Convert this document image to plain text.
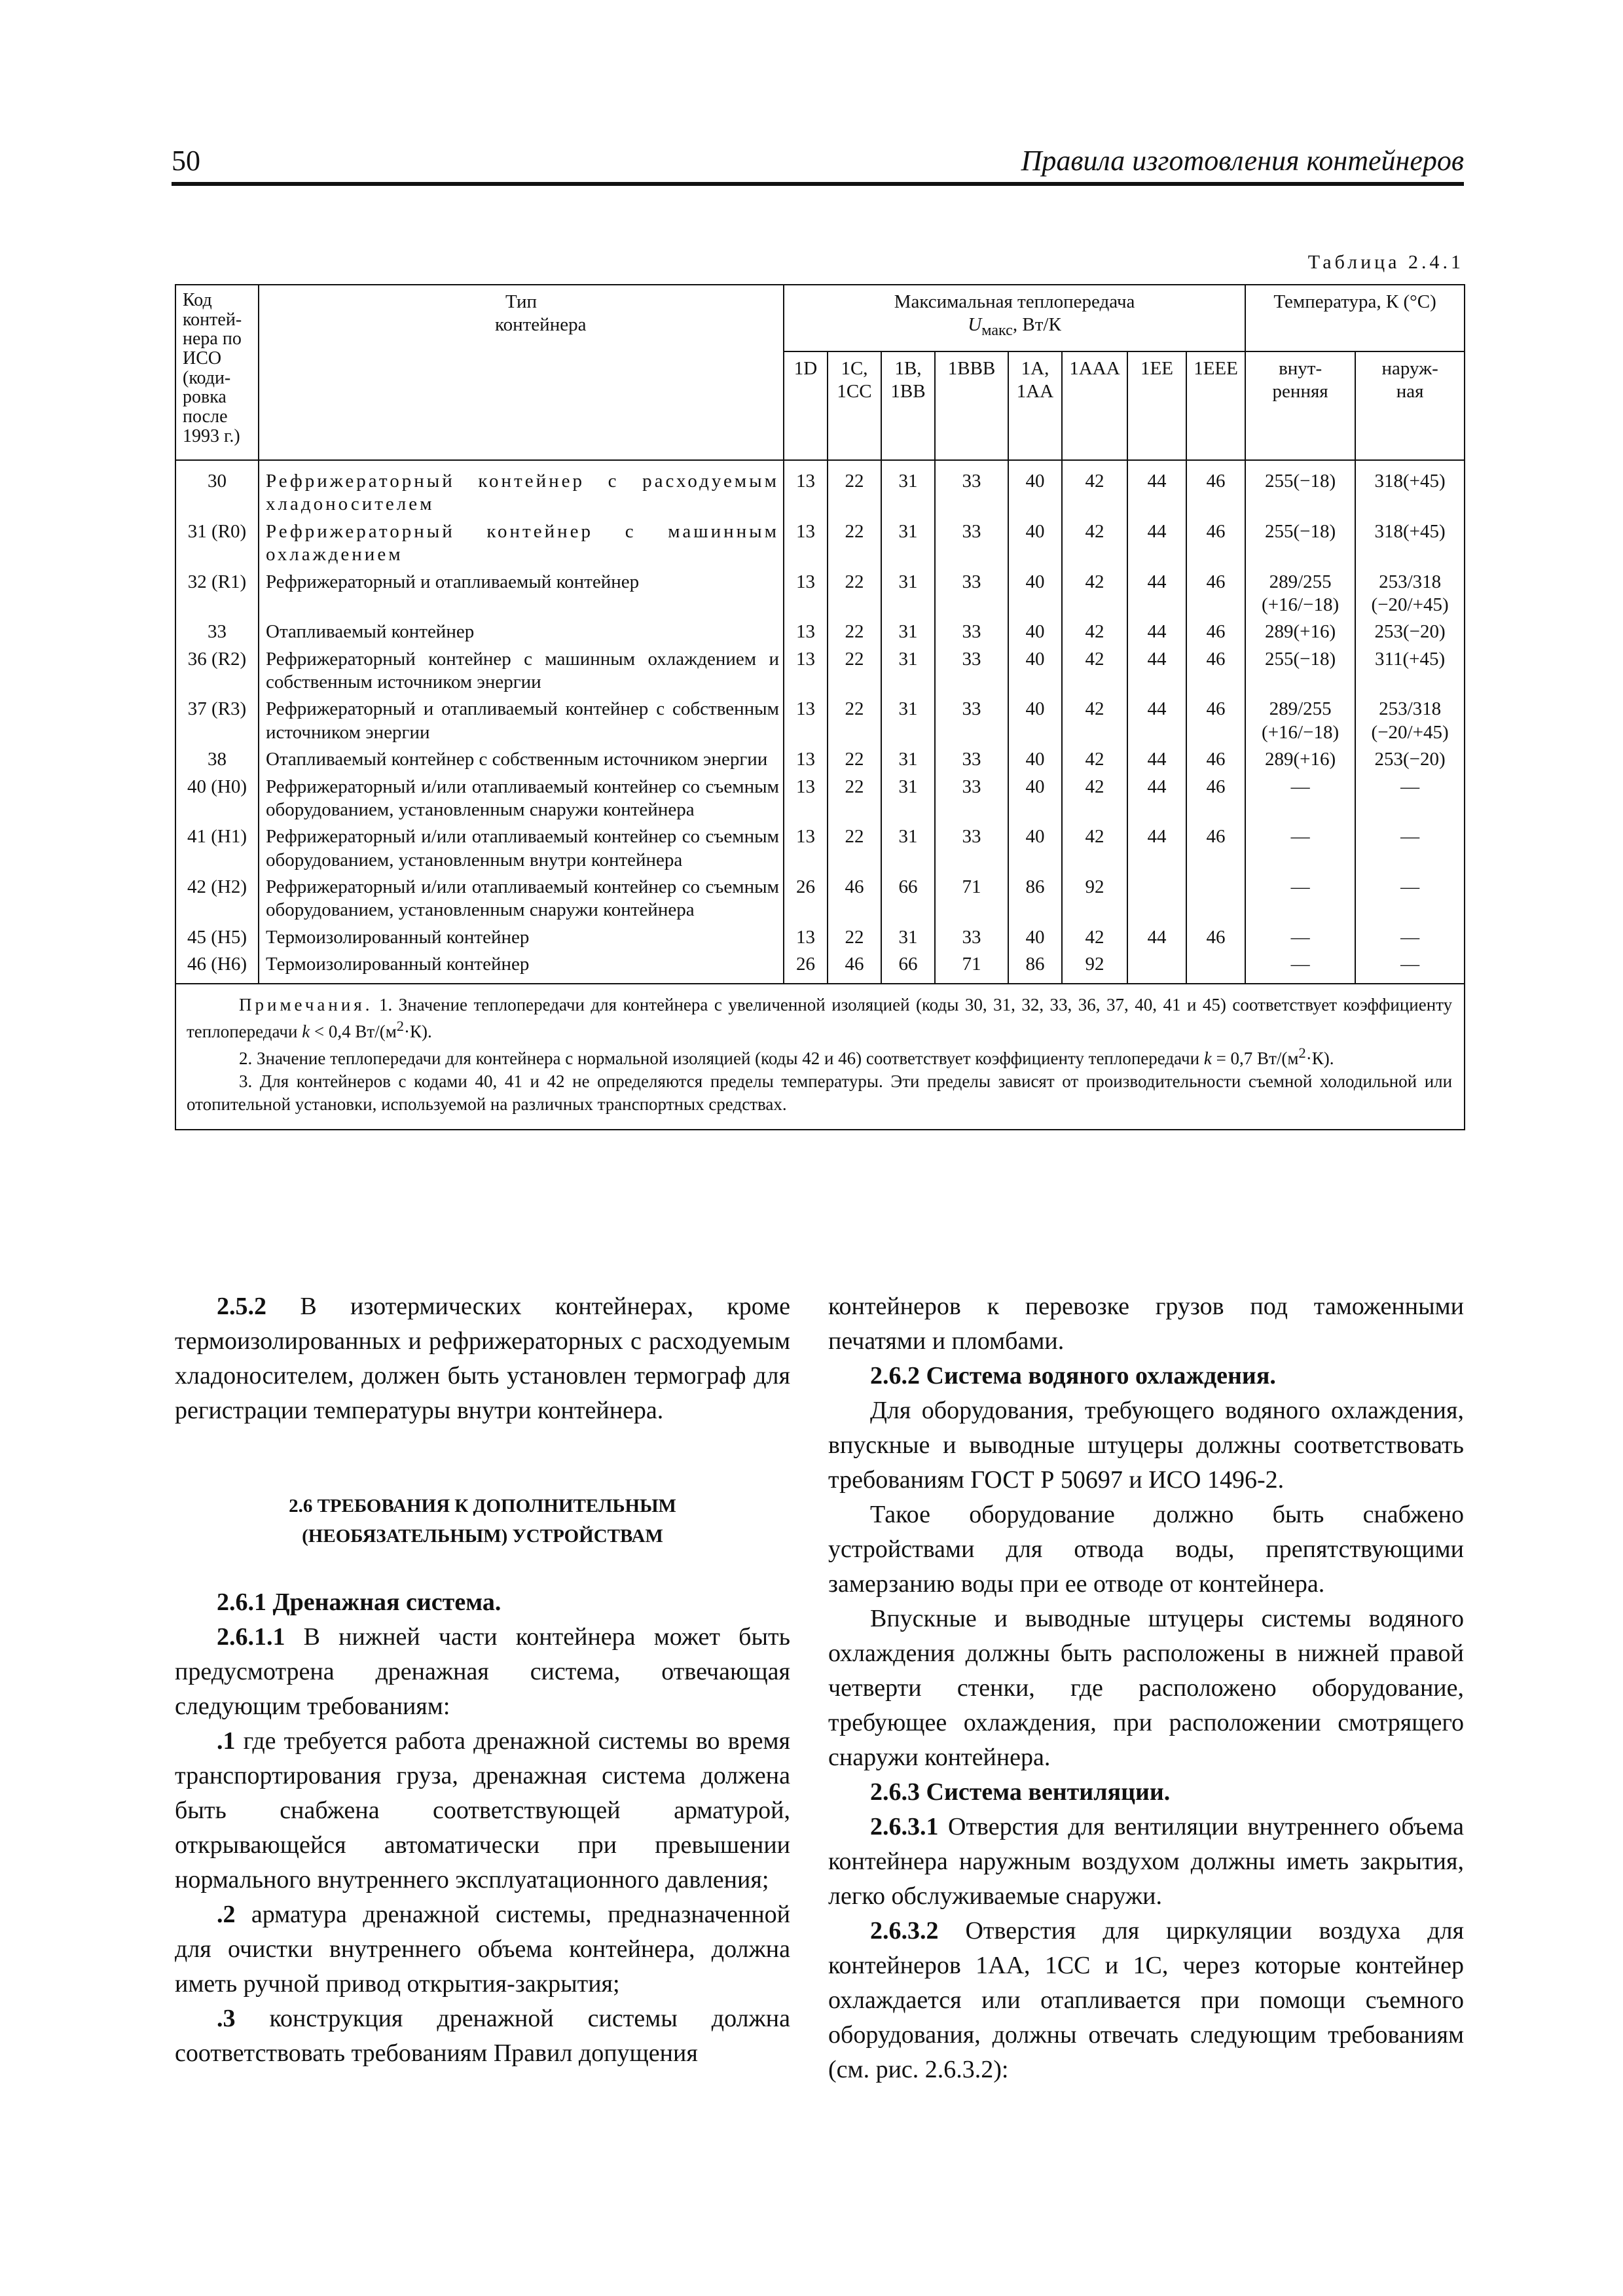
50	Правила изготовления контейнеров
Таблица 2.4.1
Код контей-нера по ИСО (коди-ровка после 1993 г.)	Тип контейнера	Максимальная теплопередача
$U_{макс}$, Вт/К								Температура, К (°С)	
		1D	1С, 1СС	1В, 1ВВ	1ВВВ	1А, 1АА	1ААА	1ЕЕ	1ЕЕЕ	внут-ренняя	наруж-ная
30	Рефрижераторный контейнер с расходуемым хладоносителем	13	22	31	33	40	42	44	46	255(−18)	318(+45)
31 (R0)	Рефрижераторный контейнер с машинным охлаждением	13	22	31	33	40	42	44	46	255(−18)	318(+45)
32 (R1)	Рефрижераторный и отапливаемый контейнер	13	22	31	33	40	42	44	46	289/255 (+16/−18)	253/318 (−20/+45)
33	Отапливаемый контейнер	13	22	31	33	40	42	44	46	289(+16)	253(−20)
36 (R2)	Рефрижераторный контейнер с машинным охлаждением и собственным источником энергии	13	22	31	33	40	42	44	46	255(−18)	311(+45)
37 (R3)	Рефрижераторный и отапливаемый контейнер с собственным источником энергии	13	22	31	33	40	42	44	46	289/255 (+16/−18)	253/318 (−20/+45)
38	Отапливаемый контейнер с собственным источником энергии	13	22	31	33	40	42	44	46	289(+16)	253(−20)
40 (H0)	Рефрижераторный и/или отапливаемый контейнер со съемным оборудованием, установленным снаружи контейнера	13	22	31	33	40	42	44	46	—	—
41 (H1)	Рефрижераторный и/или отапливаемый контейнер со съемным оборудованием, установленным внутри контейнера	13	22	31	33	40	42	44	46	—	—
42 (H2)	Рефрижераторный и/или отапливаемый контейнер со съемным оборудованием, установленным снаружи контейнера	26	46	66	71	86	92			—	—
45 (H5)	Термоизолированный контейнер	13	22	31	33	40	42	44	46	—	—
46 (H6)	Термоизолированный контейнер	26	46	66	71	86	92			—	—

Примечания. 1. Значение теплопередачи для контейнера с увеличенной изоляцией (коды 30, 31, 32, 33, 36, 37, 40, 41 и 45) соответствует коэффициенту теплопередачи k < 0,4 $Вт/(м^2\cdot К)$.

2. Значение теплопередачи для контейнера с нормальной изоляцией (коды 42 и 46) соответствует коэффициенту теплопередачи k = 0,7 $Вт/(м^2\cdot К)$.

3. Для контейнеров с кодами 40, 41 и 42 не определяются пределы температуры. Эти пределы зависят от производительности съемной холодильной или отопительной установки, используемой на различных транспортных средствах.											

2.5.2 В изотермических контейнерах, кроме термоизолированных и рефрижераторных с расходуемым хладоносителем, должен быть установлен термограф для регистрации температуры внутри контейнера.

2.6 ТРЕБОВАНИЯ К ДОПОЛНИТЕЛЬНЫМ
(НЕОБЯЗАТЕЛЬНЫМ) УСТРОЙСТВАМ

2.6.1 Дренажная система.

2.6.1.1 В нижней части контейнера может быть предусмотрена дренажная система, отвечающая следующим требованиям:

.1 где требуется работа дренажной системы во время транспортирования груза, дренажная система должена быть снабжена соответствующей арматурой, открывающейся автоматически при превышении нормального внутреннего эксплуатационного давления;

.2 арматура дренажной системы, предназначенной для очистки внутреннего объема контейнера, должна иметь ручной привод открытия-закрытия;

.3 конструкция дренажной системы должна соответствовать требованиям Правил допущения

контейнеров к перевозке грузов под таможенными печатями и пломбами.

2.6.2 Система водяного охлаждения.

Для оборудования, требующего водяного охлаждения, впускные и выводные штуцеры должны соответствовать требованиям ГОСТ Р 50697 и ИСО 1496-2.

Такое оборудование должно быть снабжено устройствами для отвода воды, препятствующими замерзанию воды при ее отводе от контейнера.

Впускные и выводные штуцеры системы водяного охлаждения должны быть расположены в нижней правой четверти стенки, где расположено оборудование, требующее охлаждения, при расположении смотрящего снаружи контейнера.

2.6.3 Система вентиляции.

2.6.3.1 Отверстия для вентиляции внутреннего объема контейнера наружным воздухом должны иметь закрытия, легко обслуживаемые снаружи.

2.6.3.2 Отверстия для циркуляции воздуха для контейнеров 1АА, 1СС и 1С, через которые контейнер охлаждается или отапливается при помощи съемного оборудования, должны отвечать следующим требованиям (см. рис. 2.6.3.2):
